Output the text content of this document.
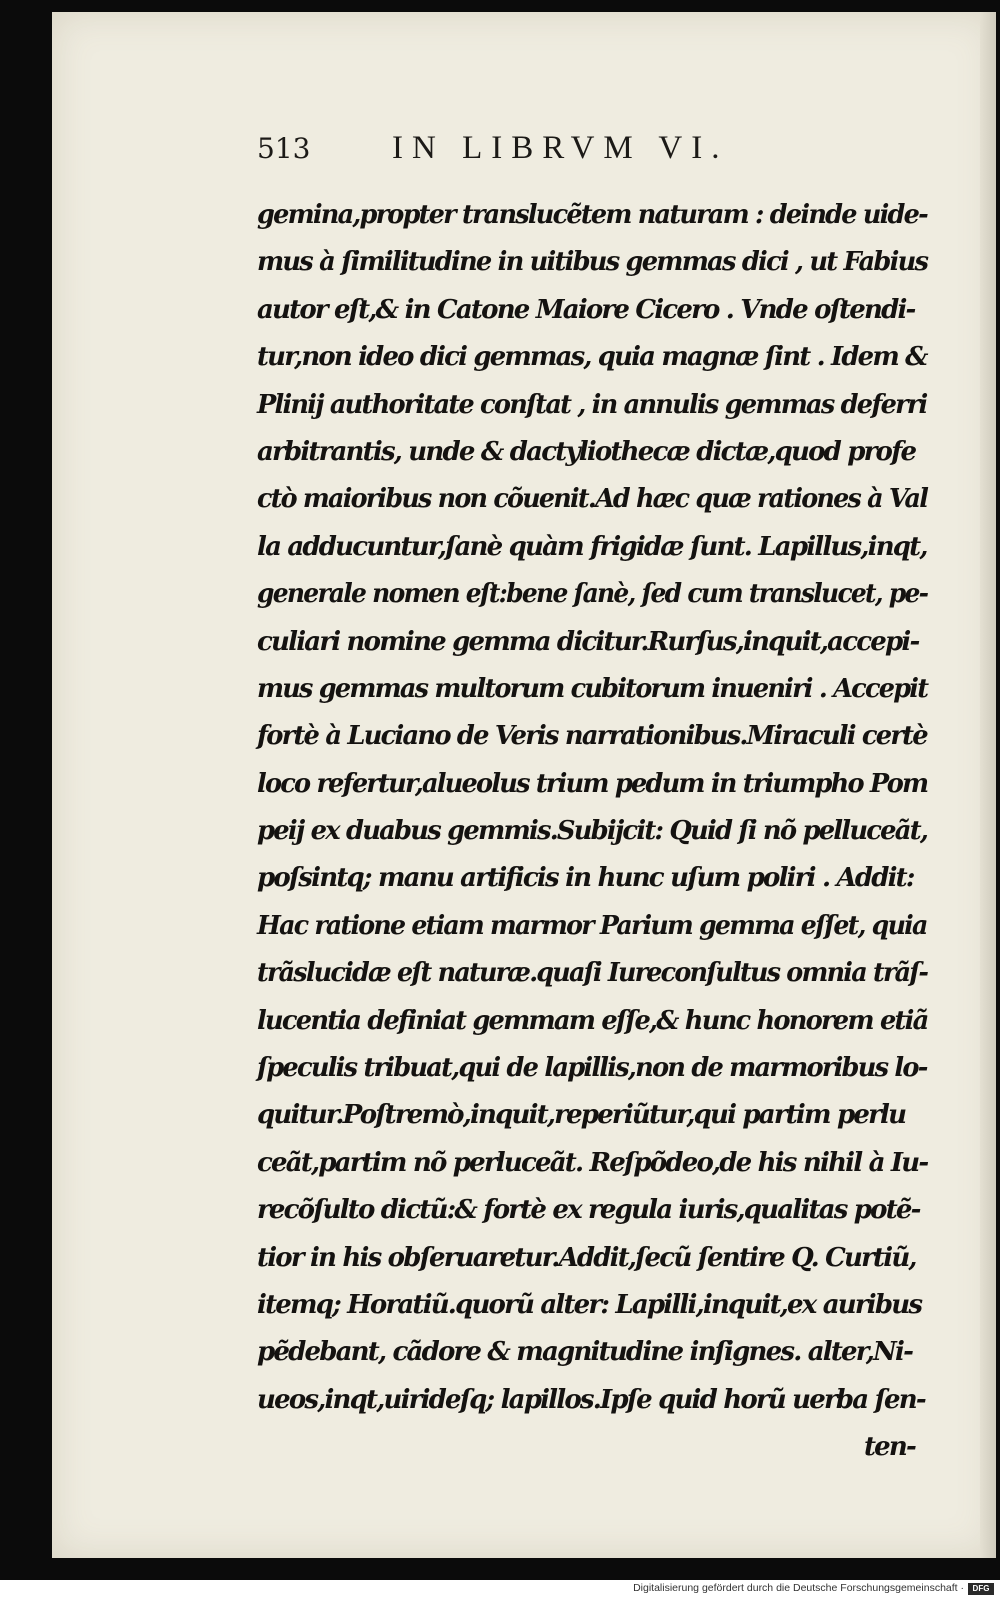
513 IN LIBRVM VI.
gemina,propter translucẽtem naturam : deinde uide-
mus à ſimilitudine in uitibus gemmas dici , ut Fabius
autor eſt,& in Catone Maiore Cicero . Vnde oſtendi-
tur,non ideo dici gemmas, quia magnæ ſint . Idem &
Plinij authoritate conſtat , in annulis gemmas deferri
arbitrantis, unde & dactyliothecæ dictæ,quod profe
ctò maioribus non cõuenit.Ad hæc quæ rationes à Val
la adducuntur,ſanè quàm frigidæ ſunt. Lapillus,inqt,
generale nomen eſt:bene ſanè, ſed cum translucet, pe-
culiari nomine gemma dicitur.Rurſus,inquit,accepi-
mus gemmas multorum cubitorum inueniri . Accepit
fortè à Luciano de Veris narrationibus.Miraculi certè
loco refertur,alueolus trium pedum in triumpho Pom
peij ex duabus gemmis.Subijcit: Quid ſi nõ pelluceãt,
poſsintq; manu artificis in hunc uſum poliri . Addit:
Hac ratione etiam marmor Parium gemma eſſet, quia
trãslucidæ eſt naturæ.quaſi Iureconſultus omnia trãſ-
lucentia definiat gemmam eſſe,& hunc honorem etiã
ſpeculis tribuat,qui de lapillis,non de marmoribus lo-
quitur.Poſtremò,inquit,reperiũtur,qui partim perlu
ceãt,partim nõ perluceãt. Reſpõdeo,de his nihil à Iu-
recõſulto dictũ:& fortè ex regula iuris,qualitas potẽ-
tior in his obſeruaretur.Addit,ſecũ ſentire Q. Curtiũ,
itemq; Horatiũ.quorũ alter: Lapilli,inquit,ex auribus
pẽdebant, cãdore & magnitudine inſignes. alter,Ni-
ueos,inqt,uirideſq; lapillos.Ipſe quid horũ uerba ſen-
ten-
Digitalisierung gefördert durch die Deutsche Forschungsgemeinschaft ·	DFG
